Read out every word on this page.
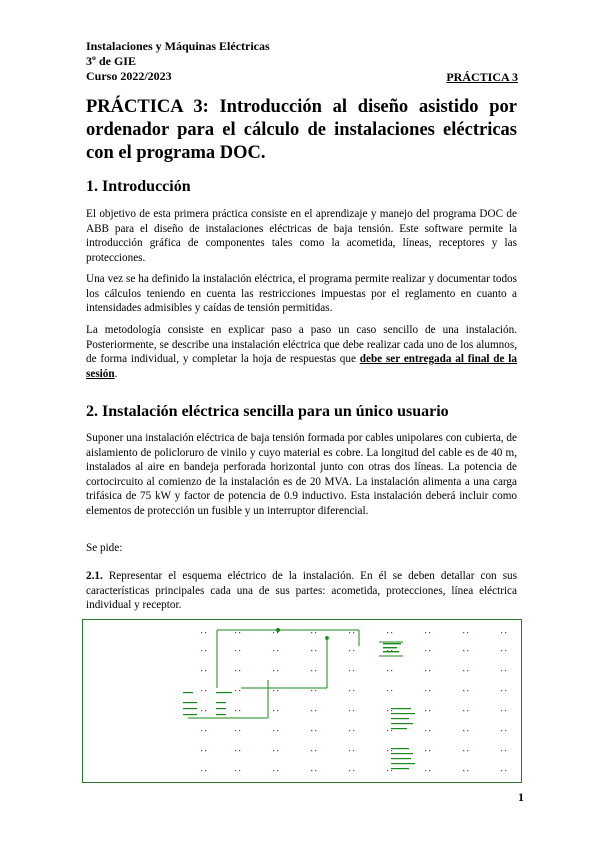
Instalaciones y Máquinas Eléctricas
3º de GIE
Curso 2022/2023	PRÁCTICA 3
PRÁCTICA 3: Introducción al diseño asistido por ordenador para el cálculo de instalaciones eléctricas con el programa DOC.
1. Introducción
El objetivo de esta primera práctica consiste en el aprendizaje y manejo del programa DOC de ABB para el diseño de instalaciones eléctricas de baja tensión. Este software permite la introducción gráfica de componentes tales como la acometida, líneas, receptores y las protecciones.
Una vez se ha definido la instalación eléctrica, el programa permite realizar y documentar todos los cálculos teniendo en cuenta las restricciones impuestas por el reglamento en cuanto a intensidades admisibles y caídas de tensión permitidas.
La metodología consiste en explicar paso a paso un caso sencillo de una instalación. Posteriormente, se describe una instalación eléctrica que debe realizar cada uno de los alumnos, de forma individual, y completar la hoja de respuestas que debe ser entregada al final de la sesión.
2. Instalación eléctrica sencilla para un único usuario
Suponer una instalación eléctrica de baja tensión formada por cables unipolares con cubierta, de aislamiento de policloruro de vinilo y cuyo material es cobre. La longitud del cable es de 40 m, instalados al aire en bandeja perforada horizontal junto con otras dos líneas. La potencia de cortocircuito al comienzo de la instalación es de 20 MVA. La instalación alimenta a una carga trifásica de 75 kW y factor de potencia de 0.9 inductivo. Esta instalación deberá incluir como elementos de protección un fusible y un interruptor diferencial.
Se pide:
2.1. Representar el esquema eléctrico de la instalación. En él se deben detallar con sus características principales cada una de sus partes: acometida, protecciones, línea eléctrica individual y receptor.
1
